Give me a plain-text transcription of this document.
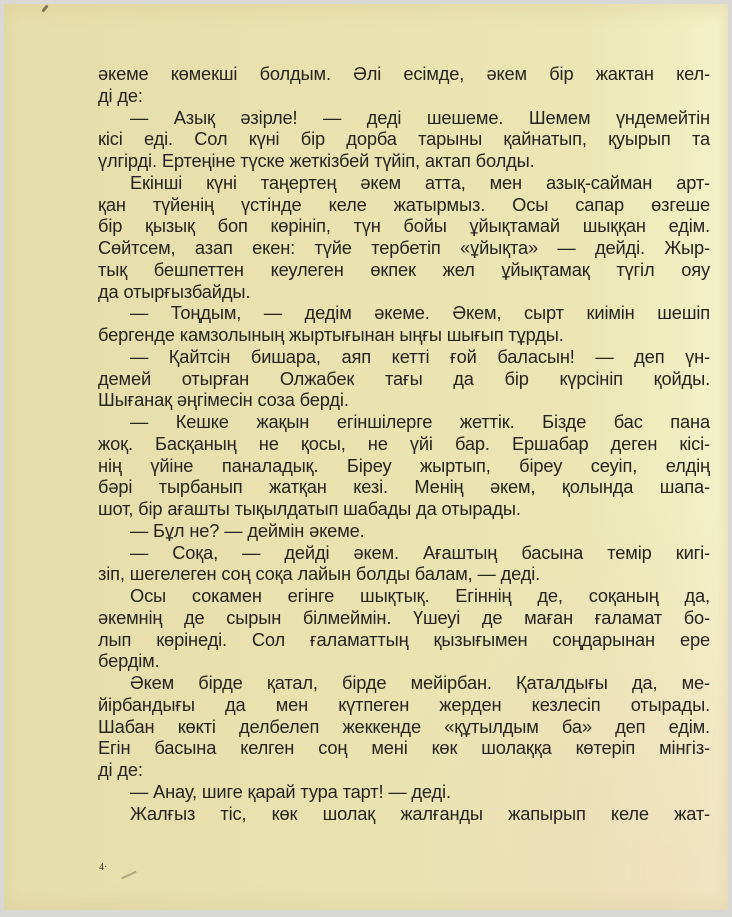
әкеме көмекші болдым. Әлі есімде, әкем бір жактан кел-
ді де:
— Азық әзірле! — деді шешеме. Шемем үндемейтін
кісі еді. Сол күні бір дорба тарыны қайнатып, қуырып та
үлгірді. Ертеңіне түске жеткізбей түйіп, актап болды.
Екінші күні таңертең әкем атта, мен азық-сайман арт-
қан түйенің үстінде келе жатырмыз. Осы сапар өзгеше
бір қызық боп көрініп, түн бойы ұйықтамай шыққан едім.
Сөйтсем, азап екен: түйе тербетіп «ұйықта» — дейді. Жыр-
тық бешпеттен кеулеген өкпек жел ұйықтамақ түгіл ояу
да отырғызбайды.
— Тоңдым, — дедім әкеме. Әкем, сырт киімін шешіп
бергенде камзолының жыртығынан ыңғы шығып тұрды.
— Қайтсін бишара, аяп кетті ғой баласын! — деп үн-
демей отырған Олжабек тағы да бір күрсініп қойды.
Шығанақ әңгімесін соза берді.
— Кешке жақын егіншілерге жеттік. Бізде бас пана
жоқ. Басқаның не қосы, не үйі бар. Ершабар деген кісі-
нің үйіне паналадық. Біреу жыртып, біреу сеуіп, елдің
бәрі тырбанып жатқан кезі. Менің әкем, қолында шапа-
шот, бір ағашты тықылдатып шабады да отырады.
— Бұл не? — деймін әкеме.
— Соқа, — дейді әкем. Ағаштың басына темір кигі-
зіп, шегелеген соң соқа лайын болды балам, — деді.
Осы сокамен егінге шықтық. Егіннің де, соқаның да,
әкемнің де сырын білмеймін. Үшеуі де маған ғаламат бо-
лып көрінеді. Сол ғаламаттың қызығымен соңдарынан ере
бердім.
Әкем бірде қатал, бірде мейірбан. Қаталдығы да, ме-
йірбандығы да мен күтпеген жерден кезлесіп отырады.
Шабан көкті делбелеп жеккенде «құтылдым ба» деп едім.
Егін басына келген соң мені көк шолаққа көтеріп мінгіз-
ді де:
— Анау, шиге қарай тура тарт! — деді.
Жалғыз тіс, көк шолақ жалғанды жапырып келе жат-
4·
